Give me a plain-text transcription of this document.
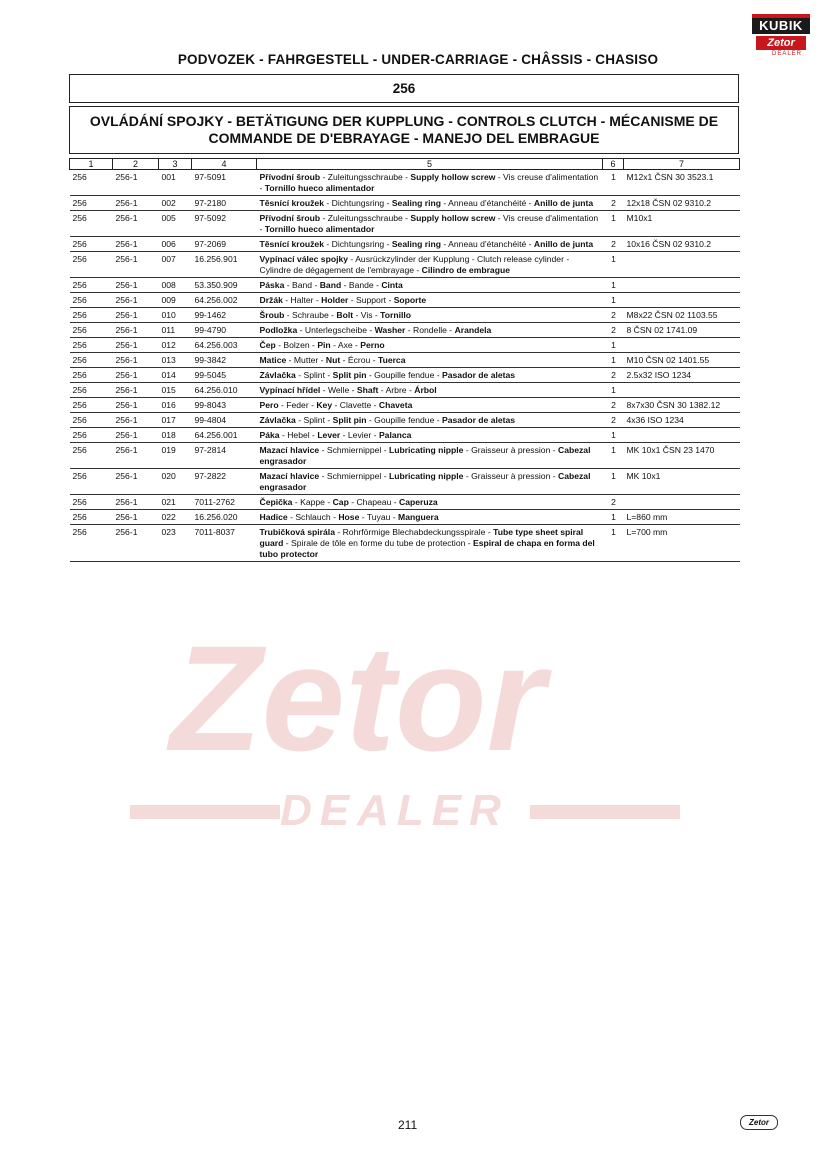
Zetor
DEALER
KUBIK
Zetor
DEALER
PODVOZEK - FAHRGESTELL - UNDER-CARRIAGE - CHÂSSIS - CHASISO
256
OVLÁDÁNÍ SPOJKY - BETÄTIGUNG DER KUPPLUNG - CONTROLS CLUTCH - MÉCANISME DE COMMANDE DE D'EBRAYAGE - MANEJO DEL EMBRAGUE
1	2	3	4	5	6	7
256	256-1	001	97-5091	Přívodní šroub - Zuleitungsschraube - Supply hollow screw - Vis creuse d'alimentation - Tornillo hueco alimentador	1	M12x1 ČSN 30 3523.1
256	256-1	002	97-2180	Těsnící kroužek - Dichtungsring - Sealing ring - Anneau d'étanchéité - Anillo de junta	2	12x18 ČSN 02 9310.2
256	256-1	005	97-5092	Přívodní šroub - Zuleitungsschraube - Supply hollow screw - Vis creuse d'alimentation - Tornillo hueco alimentador	1	M10x1
256	256-1	006	97-2069	Těsnící kroužek - Dichtungsring - Sealing ring - Anneau d'étanchéité - Anillo de junta	2	10x16 ČSN 02 9310.2
256	256-1	007	16.256.901	Vypínací válec spojky - Ausrückzylinder der Kupplung - Clutch release cylinder - Cylindre de dégagement de l'embrayage - Cilindro de embrague	1	
256	256-1	008	53.350.909	Páska - Band - Band - Bande - Cinta	1	
256	256-1	009	64.256.002	Držák - Halter - Holder - Support - Soporte	1	
256	256-1	010	99-1462	Šroub - Schraube - Bolt - Vis - Tornillo	2	M8x22 ČSN 02 1103.55
256	256-1	011	99-4790	Podložka - Unterlegscheibe - Washer - Rondelle - Arandela	2	8 ČSN 02 1741.09
256	256-1	012	64.256.003	Čep - Bolzen - Pin - Axe - Perno	1	
256	256-1	013	99-3842	Matice - Mutter - Nut - Écrou - Tuerca	1	M10 ČSN 02 1401.55
256	256-1	014	99-5045	Závlačka - Splint - Split pin - Goupille fendue - Pasador de aletas	2	2.5x32 ISO 1234
256	256-1	015	64.256.010	Vypínací hřídel - Welle - Shaft - Arbre - Árbol	1	
256	256-1	016	99-8043	Pero - Feder - Key - Clavette - Chaveta	2	8x7x30 ČSN 30 1382.12
256	256-1	017	99-4804	Závlačka - Splint - Split pin - Goupille fendue - Pasador de aletas	2	4x36 ISO 1234
256	256-1	018	64.256.001	Páka - Hebel - Lever - Levier - Palanca	1	
256	256-1	019	97-2814	Mazací hlavice - Schmiernippel - Lubricating nipple - Graisseur à pression - Cabezal engrasador	1	MK 10x1 ČSN 23 1470
256	256-1	020	97-2822	Mazací hlavice - Schmiernippel - Lubricating nipple - Graisseur à pression - Cabezal engrasador	1	MK 10x1
256	256-1	021	7011-2762	Čepička - Kappe - Cap - Chapeau - Caperuza	2	
256	256-1	022	16.256.020	Hadice - Schlauch - Hose - Tuyau - Manguera	1	L=860 mm
256	256-1	023	7011-8037	Trubičková spirála - Rohrförmige Blechabdeckungsspirale - Tube type sheet spiral guard - Spirale de tôle en forme du tube de protection - Espiral de chapa en forma del tubo protector	1	L=700 mm
211	Zetor
